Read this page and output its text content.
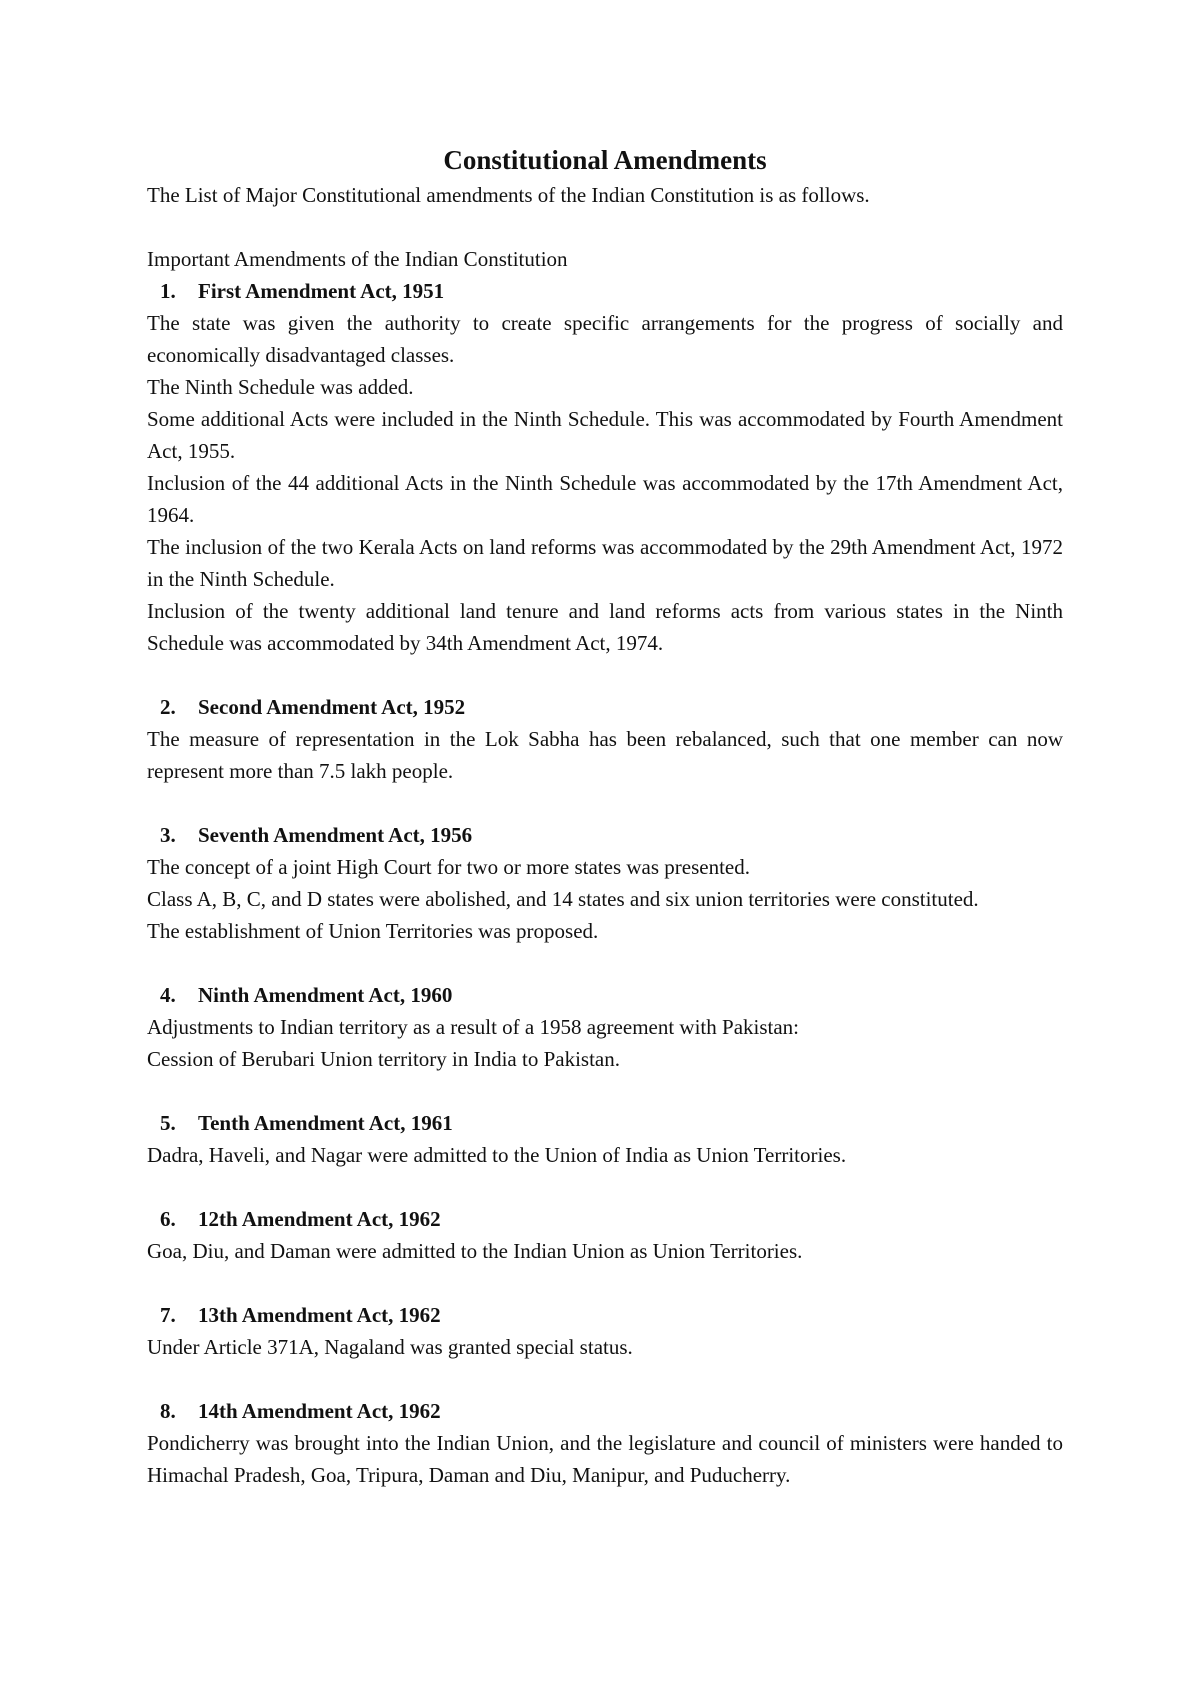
Constitutional Amendments

The List of Major Constitutional amendments of the Indian Constitution is as follows.

Important Amendments of the Indian Constitution

1. First Amendment Act, 1951

The state was given the authority to create specific arrangements for the progress of socially and economically disadvantaged classes.

The Ninth Schedule was added.

Some additional Acts were included in the Ninth Schedule. This was accommodated by Fourth Amendment Act, 1955.

Inclusion of the 44 additional Acts in the Ninth Schedule was accommodated by the 17th Amendment Act, 1964.

The inclusion of the two Kerala Acts on land reforms was accommodated by the 29th Amendment Act, 1972 in the Ninth Schedule.

Inclusion of the twenty additional land tenure and land reforms acts from various states in the Ninth Schedule was accommodated by 34th Amendment Act, 1974.

2. Second Amendment Act, 1952

The measure of representation in the Lok Sabha has been rebalanced, such that one member can now represent more than 7.5 lakh people.

3. Seventh Amendment Act, 1956

The concept of a joint High Court for two or more states was presented.

Class A, B, C, and D states were abolished, and 14 states and six union territories were constituted.

The establishment of Union Territories was proposed.

4. Ninth Amendment Act, 1960

Adjustments to Indian territory as a result of a 1958 agreement with Pakistan:

Cession of Berubari Union territory in India to Pakistan.

5. Tenth Amendment Act, 1961

Dadra, Haveli, and Nagar were admitted to the Union of India as Union Territories.

6. 12th Amendment Act, 1962

Goa, Diu, and Daman were admitted to the Indian Union as Union Territories.

7. 13th Amendment Act, 1962

Under Article 371A, Nagaland was granted special status.

8. 14th Amendment Act, 1962

Pondicherry was brought into the Indian Union, and the legislature and council of ministers were handed to Himachal Pradesh, Goa, Tripura, Daman and Diu, Manipur, and Puducherry.
